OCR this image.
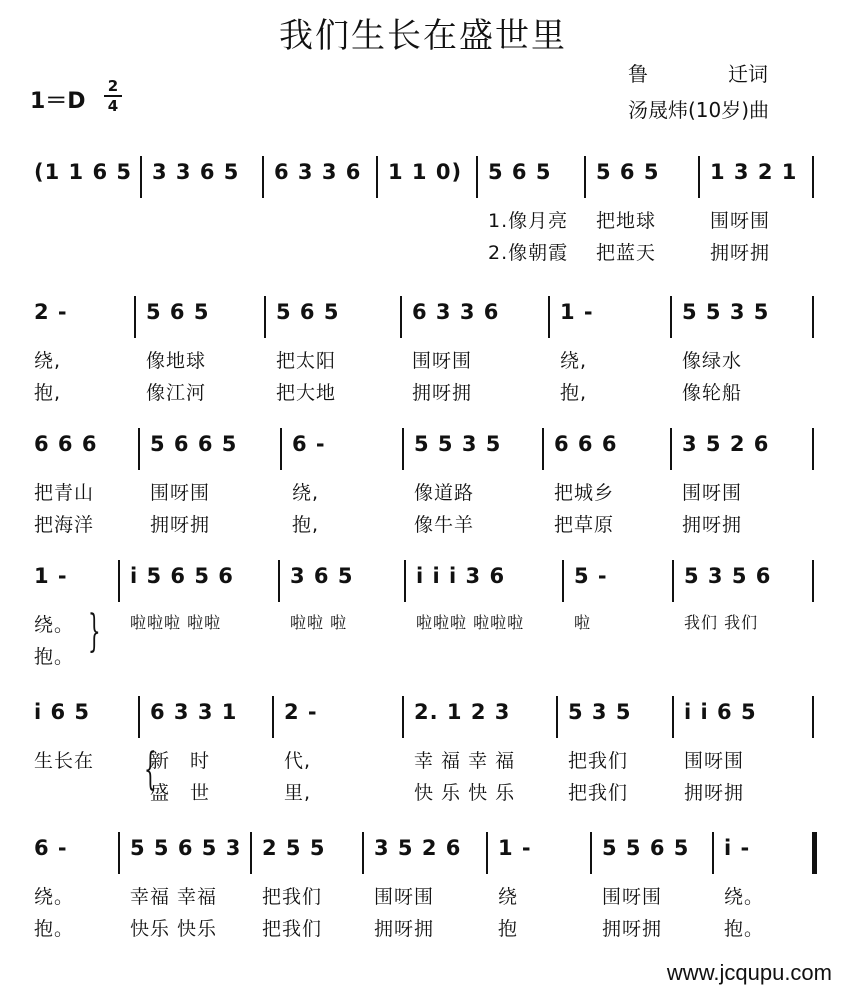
我们生长在盛世里
1＝D
2
4
鲁　　　　迁词
汤晟炜(10岁)曲
(1 1 6 5 3 3 6 5 6 3 3 6 1 1 0) 5 6 5
1.像月亮
2.像朝霞
5 6 5
把地球
把蓝天
1 3 2 1
围呀围
拥呀拥
2 -
绕,
抱,
5 6 5
像地球
像江河
5 6 5
把太阳
把大地
6 3 3 6
围呀围
拥呀拥
1 -
绕,
抱,
5 5 3 5
像绿水
像轮船
6 6 6
把青山
把海洋
5 6 6 5
围呀围
拥呀拥
6 -
绕,
抱,
5 5 3 5
像道路
像牛羊
6 6 6
把城乡
把草原
3 5 2 6
围呀围
拥呀拥
1 -
绕。
抱。
i 5 6 5 6
啦啦啦 啦啦
3 6 5
啦啦 啦
i i i 3 6
啦啦啦 啦啦啦
5 -
啦
5 3 5 6
我们 我们
i 6 5
生长在
6 3 3 1
新　时
盛　世
2 -
代,
里,
2. 1 2 3
幸 福 幸 福
快 乐 快 乐
5 3 5
把我们
把我们
i i 6 5
围呀围
拥呀拥
6 -
绕。
抱。
5 5 6 5 3
幸福 幸福
快乐 快乐
2 5 5
把我们
把我们
3 5 2 6
围呀围
拥呀拥
1 -
绕
抱
5 5 6 5
围呀围
拥呀拥
i -
绕。
抱。
}
{
www.jcqupu.com
